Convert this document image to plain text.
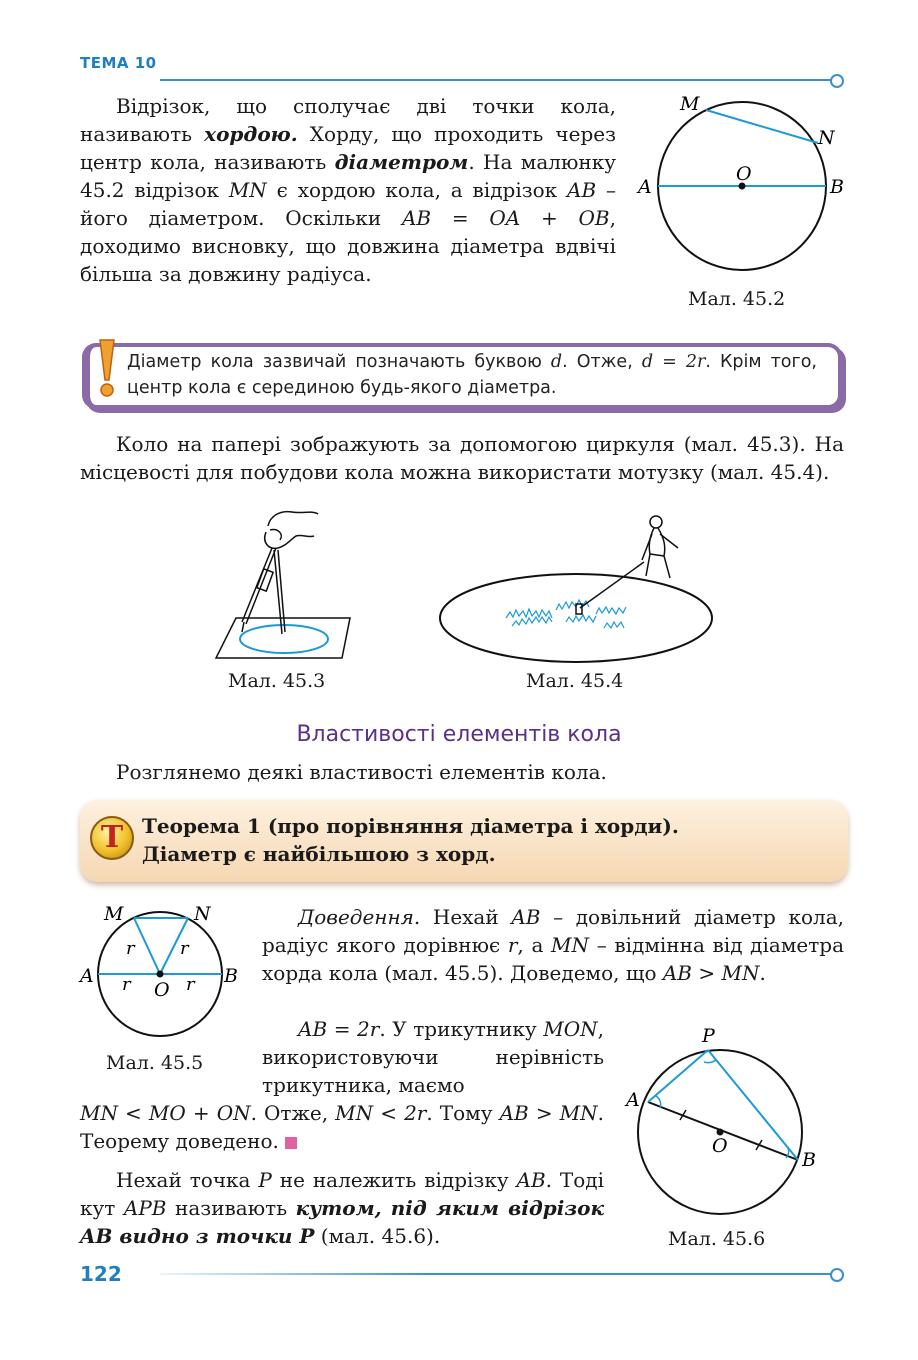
ТЕМА 10

Відрізок, що сполучає дві точки кола, називають хордою. Хорду, що проходить через центр кола, називають діаметром. На малюнку 45.2 відрізок MN є хордою кола, а відрізок AB – його діаметром. Оскільки AB = OA + OB, доходимо висновку, що довжина діаметра вдвічі більша за довжину радіуса.

M
N
A	B
O
Мал. 45.2
Діаметр кола зазвичай позначають буквою d. Отже, d = 2r. Крім того, центр кола є серединою будь-якого діаметра.

Коло на папері зображують за допомогою циркуля (мал. 45.3). На місцевості для побудови кола можна використати мотузку (мал. 45.4).

Мал. 45.3	Мал. 45.4
Властивості елементів кола

Розглянемо деякі властивості елементів кола.

T Теорема 1 (про порівняння діаметра і хорди).
Діаметр є найбільшою з хорд.
M	N
A	B
O
r	r
r	r
Мал. 45.5

Доведення. Нехай AB – довільний діаметр кола, радіус якого дорівнює r, а MN – відмінна від діаметра хорда кола (мал. 45.5). Доведемо, що AB > MN.

AB = 2r. У трикутнику MON, використовуючи нерівність трикутника, маємо

MN < MO + ON. Отже, MN < 2r. Тому AB > MN. Теорему доведено.

P
A
B
O
Мал. 45.6

Нехай точка P не належить відрізку AB. Тоді кут APB називають кутом, під яким відрізок AB видно з точки P (мал. 45.6).

122
